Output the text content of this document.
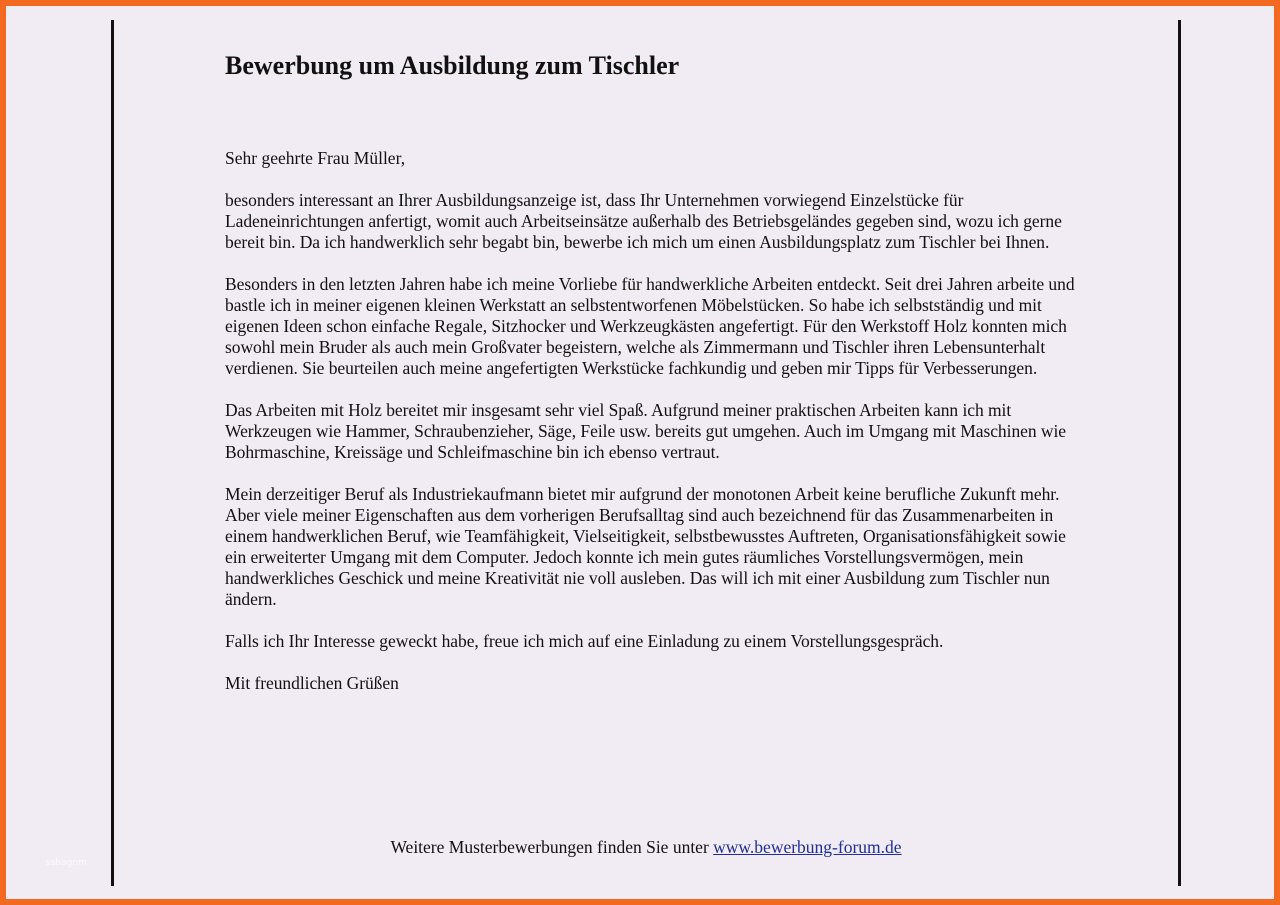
Bewerbung um Ausbildung zum Tischler

Sehr geehrte Frau Müller,

besonders interessant an Ihrer Ausbildungsanzeige ist, dass Ihr Unternehmen vorwiegend Einzelstücke für Ladeneinrichtungen anfertigt, womit auch Arbeitseinsätze außerhalb des Betriebsgeländes gegeben sind, wozu ich gerne bereit bin. Da ich handwerklich sehr begabt bin, bewerbe ich mich um einen Ausbildungsplatz zum Tischler bei Ihnen.

Besonders in den letzten Jahren habe ich meine Vorliebe für handwerkliche Arbeiten entdeckt. Seit drei Jahren arbeite und bastle ich in meiner eigenen kleinen Werkstatt an selbstentworfenen Möbelstücken. So habe ich selbstständig und mit eigenen Ideen schon einfache Regale, Sitzhocker und Werkzeugkästen angefertigt. Für den Werkstoff Holz konnten mich sowohl mein Bruder als auch mein Großvater begeistern, welche als Zimmermann und Tischler ihren Lebensunterhalt verdienen. Sie beurteilen auch meine angefertigten Werkstücke fachkundig und geben mir Tipps für Verbesserungen.

Das Arbeiten mit Holz bereitet mir insgesamt sehr viel Spaß. Aufgrund meiner praktischen Arbeiten kann ich mit Werkzeugen wie Hammer, Schraubenzieher, Säge, Feile usw. bereits gut umgehen. Auch im Umgang mit Maschinen wie Bohrmaschine, Kreissäge und Schleifmaschine bin ich ebenso vertraut.

Mein derzeitiger Beruf als Industriekaufmann bietet mir aufgrund der monotonen Arbeit keine berufliche Zukunft mehr. Aber viele meiner Eigenschaften aus dem vorherigen Berufsalltag sind auch bezeichnend für das Zusammenarbeiten in einem handwerklichen Beruf, wie Teamfähigkeit, Vielseitigkeit, selbstbewusstes Auftreten, Organisationsfähigkeit sowie ein erweiterter Umgang mit dem Computer. Jedoch konnte ich mein gutes räumliches Vorstellungsvermögen, mein handwerkliches Geschick und meine Kreativität nie voll ausleben. Das will ich mit einer Ausbildung zum Tischler nun ändern.

Falls ich Ihr Interesse geweckt habe, freue ich mich auf eine Einladung zu einem Vorstellungsgespräch.

Mit freundlichen Grüßen

Weitere Musterbewerbungen finden Sie unter www.bewerbung-forum.de
ssbagnm
